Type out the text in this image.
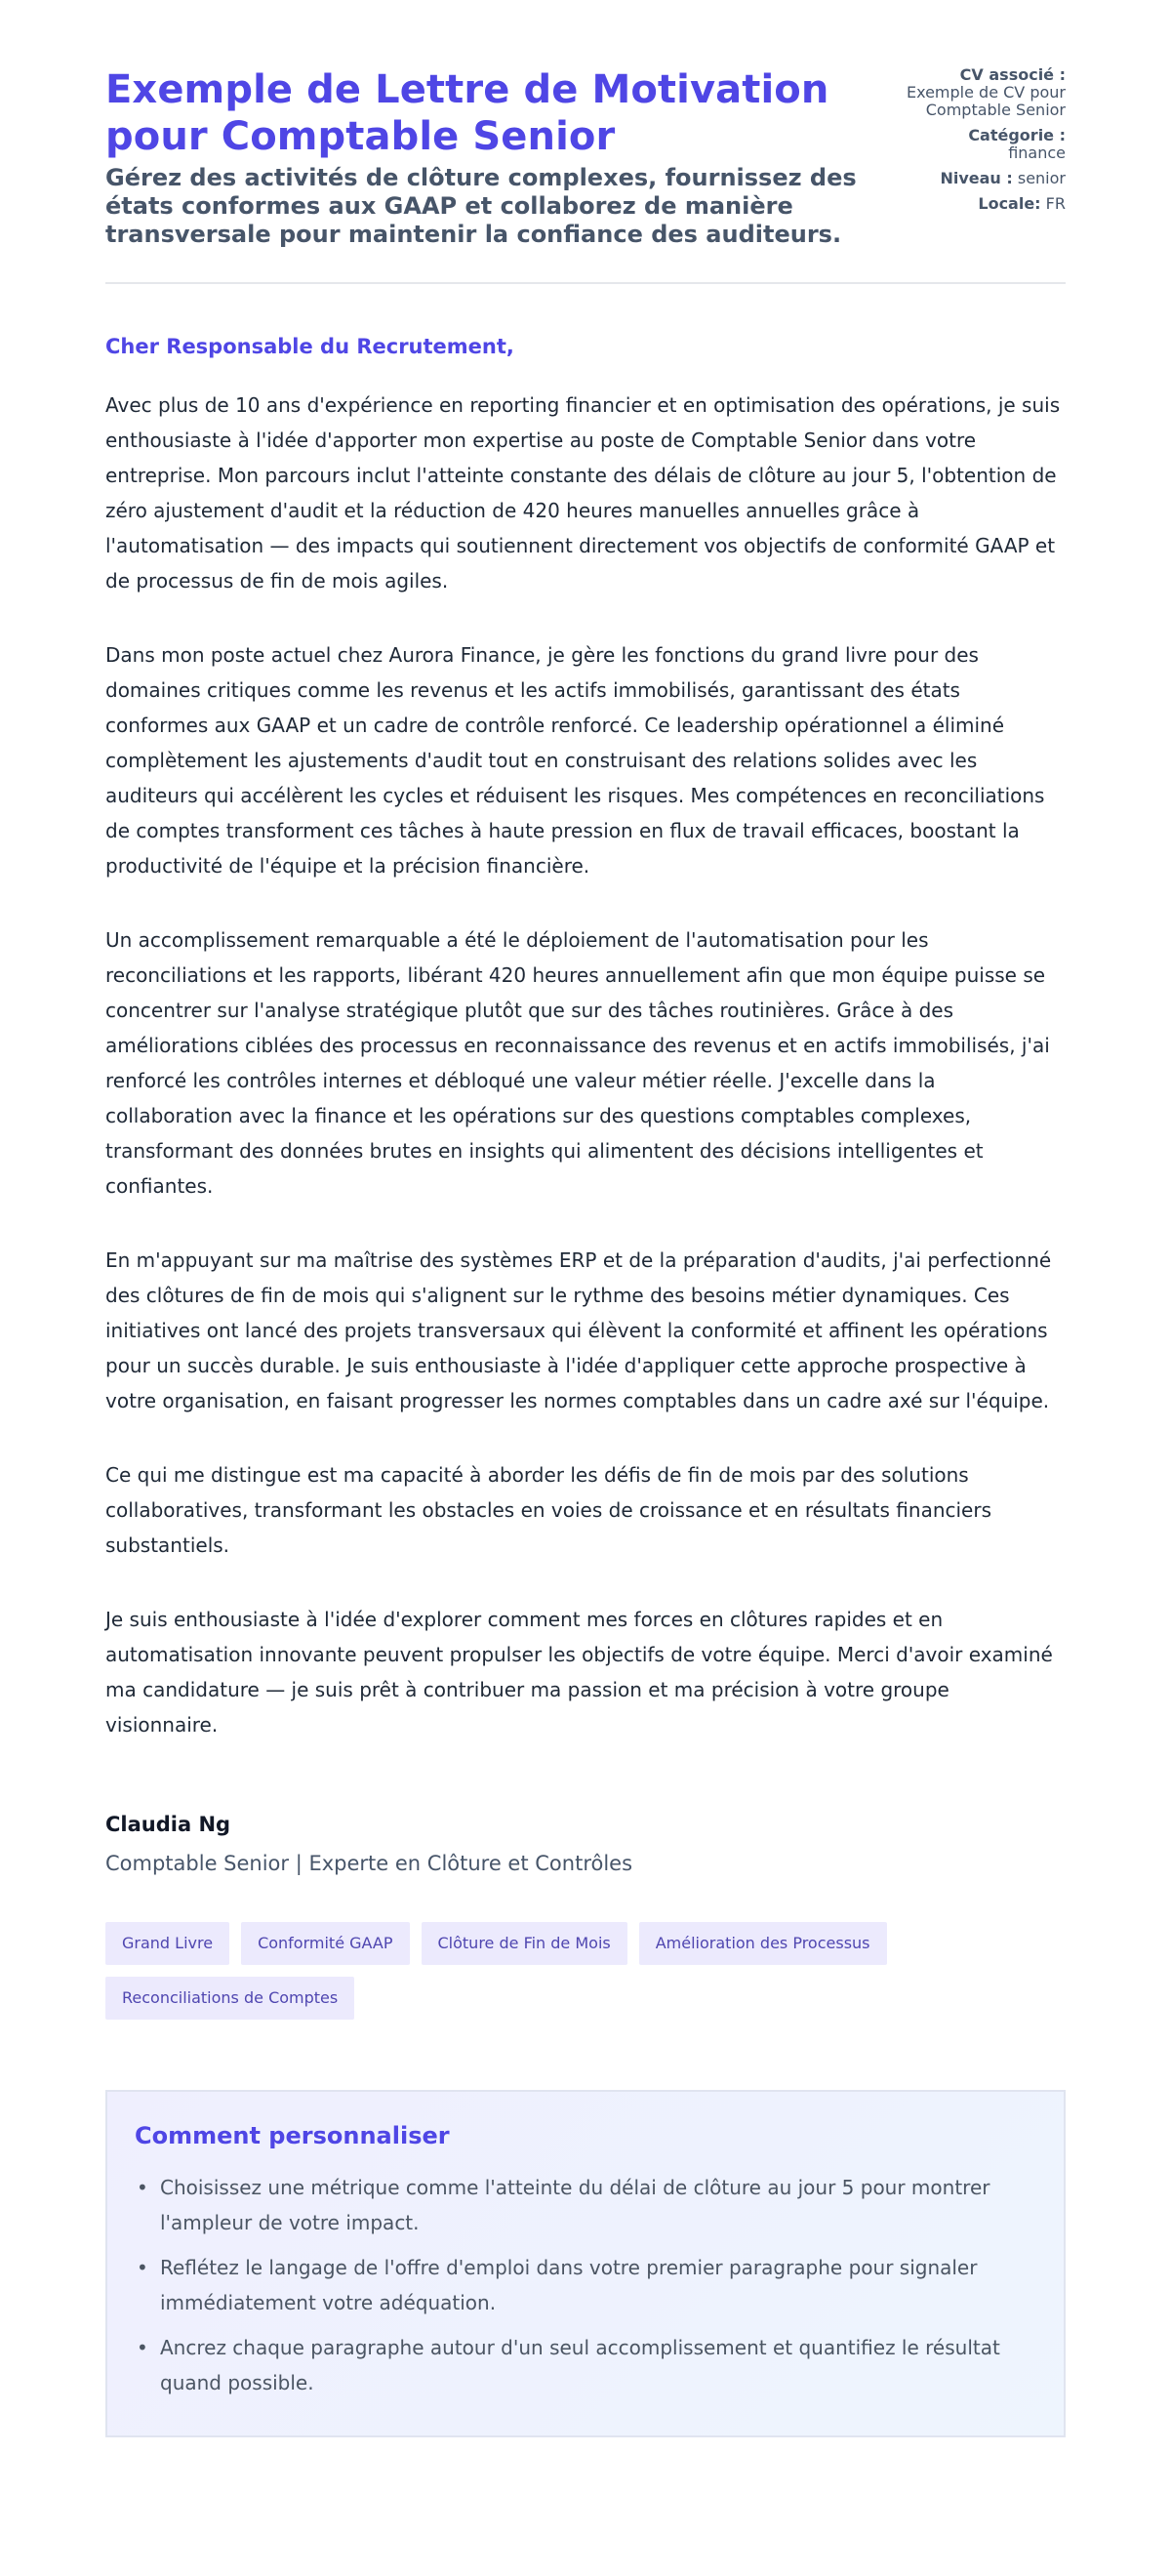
Exemple de Lettre de Motivation pour Comptable Senior
Gérez des activités de clôture complexes, fournissez des états conformes aux GAAP et collaborez de manière transversale pour maintenir la confiance des auditeurs.
CV associé :
Exemple de CV pour Comptable Senior
Catégorie :
finance
Niveau : senior
Locale: FR

Cher Responsable du Recrutement,

Avec plus de 10 ans d'expérience en reporting financier et en optimisation des opérations, je suis enthousiaste à l'idée d'apporter mon expertise au poste de Comptable Senior dans votre entreprise. Mon parcours inclut l'atteinte constante des délais de clôture au jour 5, l'obtention de zéro ajustement d'audit et la réduction de 420 heures manuelles annuelles grâce à l'automatisation — des impacts qui soutiennent directement vos objectifs de conformité GAAP et de processus de fin de mois agiles.

Dans mon poste actuel chez Aurora Finance, je gère les fonctions du grand livre pour des domaines critiques comme les revenus et les actifs immobilisés, garantissant des états conformes aux GAAP et un cadre de contrôle renforcé. Ce leadership opérationnel a éliminé complètement les ajustements d'audit tout en construisant des relations solides avec les auditeurs qui accélèrent les cycles et réduisent les risques. Mes compétences en reconciliations de comptes transforment ces tâches à haute pression en flux de travail efficaces, boostant la productivité de l'équipe et la précision financière.

Un accomplissement remarquable a été le déploiement de l'automatisation pour les reconciliations et les rapports, libérant 420 heures annuellement afin que mon équipe puisse se concentrer sur l'analyse stratégique plutôt que sur des tâches routinières. Grâce à des améliorations ciblées des processus en reconnaissance des revenus et en actifs immobilisés, j'ai renforcé les contrôles internes et débloqué une valeur métier réelle. J'excelle dans la collaboration avec la finance et les opérations sur des questions comptables complexes, transformant des données brutes en insights qui alimentent des décisions intelligentes et confiantes.

En m'appuyant sur ma maîtrise des systèmes ERP et de la préparation d'audits, j'ai perfectionné des clôtures de fin de mois qui s'alignent sur le rythme des besoins métier dynamiques. Ces initiatives ont lancé des projets transversaux qui élèvent la conformité et affinent les opérations pour un succès durable. Je suis enthousiaste à l'idée d'appliquer cette approche prospective à votre organisation, en faisant progresser les normes comptables dans un cadre axé sur l'équipe.

Ce qui me distingue est ma capacité à aborder les défis de fin de mois par des solutions collaboratives, transformant les obstacles en voies de croissance et en résultats financiers substantiels.

Je suis enthousiaste à l'idée d'explorer comment mes forces en clôtures rapides et en automatisation innovante peuvent propulser les objectifs de votre équipe. Merci d'avoir examiné ma candidature — je suis prêt à contribuer ma passion et ma précision à votre groupe visionnaire.

Claudia Ng
Comptable Senior | Experte en Clôture et Contrôles
Grand Livre	Conformité GAAP	Clôture de Fin de Mois	Amélioration des Processus
Reconciliations de Comptes
Comment personnaliser
• Choisissez une métrique comme l'atteinte du délai de clôture au jour 5 pour montrer l'ampleur de votre impact.
• Reflétez le langage de l'offre d'emploi dans votre premier paragraphe pour signaler immédiatement votre adéquation.
• Ancrez chaque paragraphe autour d'un seul accomplissement et quantifiez le résultat quand possible.
